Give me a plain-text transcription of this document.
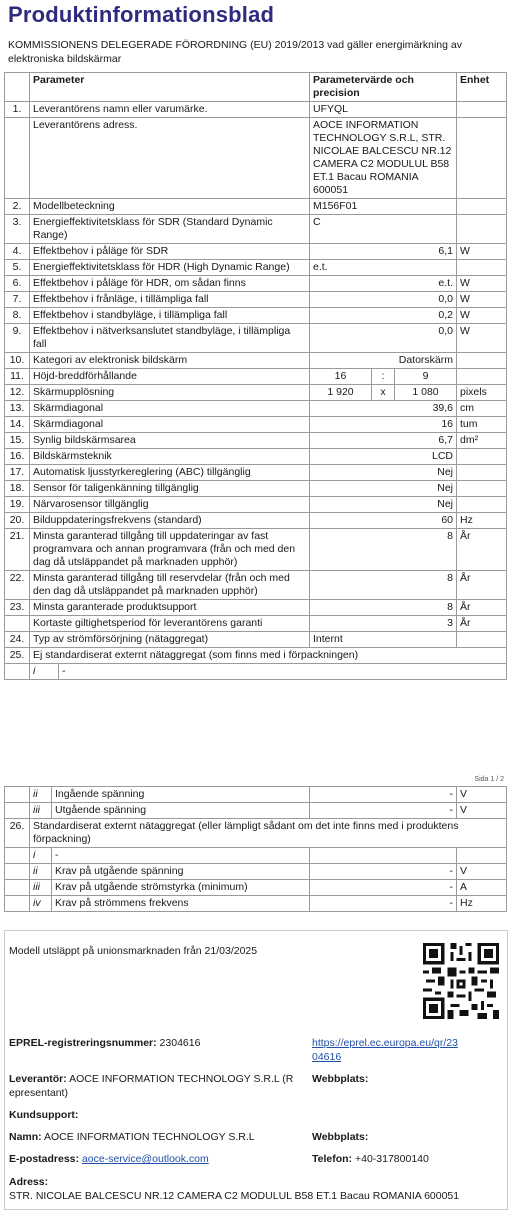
Produktinformationsblad
KOMMISSIONENS DELEGERADE FÖRORDNING (EU) 2019/2013 vad gäller energimärkning av elektroniska bildskärmar
	Parameter	Parametervärde och precision	Enhet
1.	Leverantörens namn eller varumärke.	UFYQL	
	Leverantörens adress.	AOCE INFORMATION TECHNOLOGY S.R.L, STR. NICOLAE BALCESCU NR.12 CAMERA C2 MODULUL B58 ET.1 Bacau ROMANIA 600051	
2.	Modellbeteckning	M156F01	
3.	Energieffektivitetsklass för SDR (Standard Dynamic Range)	C	
4.	Effektbehov i påläge för SDR	6,1	W
5.	Energieffektivitetsklass för HDR (High Dynamic Range)	e.t.	
6.	Effektbehov i påläge för HDR, om sådan finns	e.t.	W
7.	Effektbehov i frånläge, i tillämpliga fall	0,0	W
8.	Effektbehov i standbyläge, i tillämpliga fall	0,2	W
9.	Effektbehov i nätverksanslutet standbyläge, i tillämpliga fall	0,0	W
10.	Kategori av elektronisk bildskärm	Datorskärm	
11.	Höjd-breddförhållande	16 : 9	

12.	Skärmupplösning	1 920 x 1 080	pixels
13.	Skärmdiagonal	39,6	cm
14.	Skärmdiagonal	16	tum
15.	Synlig bildskärmsarea	6,7	dm²
16.	Bildskärmsteknik	LCD	
17.	Automatisk ljusstyrkereglering (ABC) tillgänglig	Nej	
18.	Sensor för taligenkänning tillgänglig	Nej	
19.	Närvarosensor tillgänglig	Nej	
20.	Bilduppdateringsfrekvens (standard)	60	Hz
21.	Minsta garanterad tillgång till uppdateringar av fast programvara och annan programvara (från och med den dag då utsläppandet på marknaden upphör)	8	År
22.	Minsta garanterad tillgång till reservdelar (från och med den dag då utsläppandet på marknaden upphör)	8	År
23.	Minsta garanterade produktsupport	8	År
	Kortaste giltighetsperiod för leverantörens garanti	3	År
24.	Typ av strömförsörjning (nätaggregat)	Internt	
25.	Ej standardiserat externt nätaggregat (som finns med i förpackningen)		

	i -		
Sida 1 / 2
	ii	Ingående spänning	-	V
	iii	Utgående spänning	-	V
26.	Standardiserat externt nätaggregat (eller lämpligt sådant om det inte finns med i produktens förpackning)			
	i	-		
	ii	Krav på utgående spänning	-	V
	iii	Krav på utgående strömstyrka (minimum)	-	A
	iv	Krav på strömmens frekvens	-	Hz
Modell utsläppt på unionsmarknaden från 21/03/2025
EPREL-registreringsnummer: 2304616	https://eprel.ec.europa.eu/qr/23
04616
Leverantör: AOCE INFORMATION TECHNOLOGY S.R.L (R
epresentant)
Webbplats:
Kundsupport:
Namn: AOCE INFORMATION TECHNOLOGY S.R.L	Webbplats:
E-postadress: aoce-service@outlook.com	Telefon: +40-317800140
Adress:
STR. NICOLAE BALCESCU NR.12 CAMERA C2 MODULUL B58 ET.1 Bacau ROMANIA 600051
